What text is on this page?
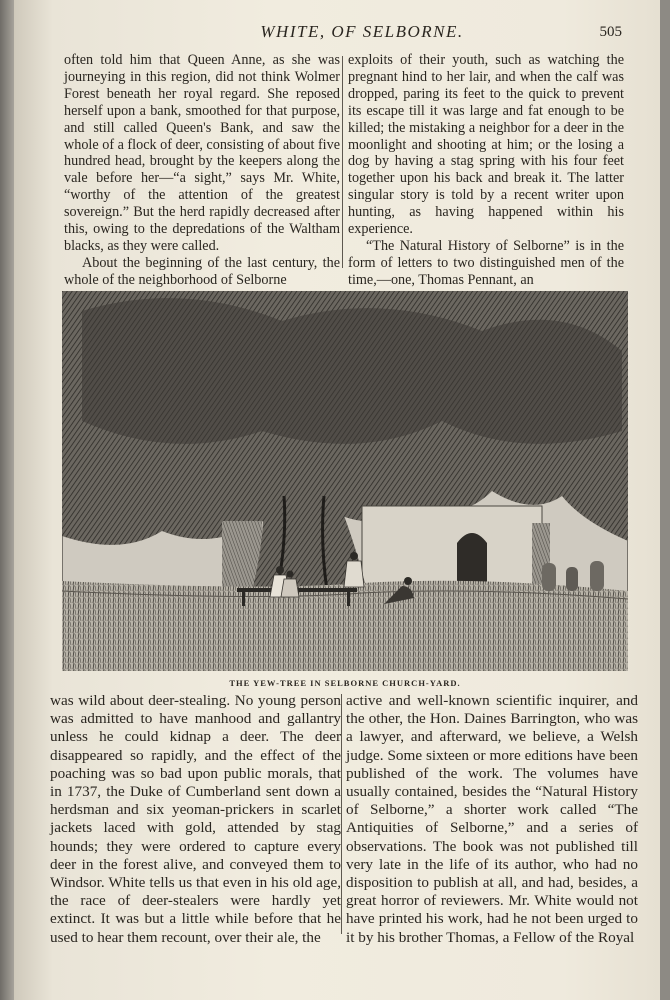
WHITE, OF SELBORNE.	505

often told him that Queen Anne, as she was journeying in this region, did not think Wolmer Forest beneath her royal regard. She reposed herself upon a bank, smoothed for that purpose, and still called Queen's Bank, and saw the whole of a flock of deer, consisting of about five hundred head, brought by the keepers along the vale before her—“a sight,” says Mr. White, “worthy of the attention of the greatest sovereign.” But the herd rapidly decreased after this, owing to the depredations of the Waltham blacks, as they were called.

About the beginning of the last century, the whole of the neighborhood of Selborne

exploits of their youth, such as watching the pregnant hind to her lair, and when the calf was dropped, paring its feet to the quick to prevent its escape till it was large and fat enough to be killed; the mistaking a neighbor for a deer in the moonlight and shooting at him; or the losing a dog by having a stag spring with his four feet together upon his back and break it. The latter singular story is told by a recent writer upon hunting, as having happened within his experience.

“The Natural History of Selborne” is in the form of letters to two distinguished men of the time,—one, Thomas Pennant, an

THE YEW-TREE IN SELBORNE CHURCH-YARD.

was wild about deer-stealing. No young person was admitted to have manhood and gallantry unless he could kidnap a deer. The deer disappeared so rapidly, and the effect of the poaching was so bad upon public morals, that in 1737, the Duke of Cumberland sent down a herdsman and six yeoman-prickers in scarlet jackets laced with gold, attended by stag hounds; they were ordered to capture every deer in the forest alive, and conveyed them to Windsor. White tells us that even in his old age, the race of deer-stealers were hardly yet extinct. It was but a little while before that he used to hear them recount, over their ale, the

active and well-known scientific inquirer, and the other, the Hon. Daines Barrington, who was a lawyer, and afterward, we believe, a Welsh judge. Some sixteen or more editions have been published of the work. The volumes have usually contained, besides the “Natural History of Selborne,” a shorter work called “The Antiquities of Selborne,” and a series of observations. The book was not published till very late in the life of its author, who had no disposition to publish at all, and had, besides, a great horror of reviewers. Mr. White would not have printed his work, had he not been urged to it by his brother Thomas, a Fellow of the Royal
